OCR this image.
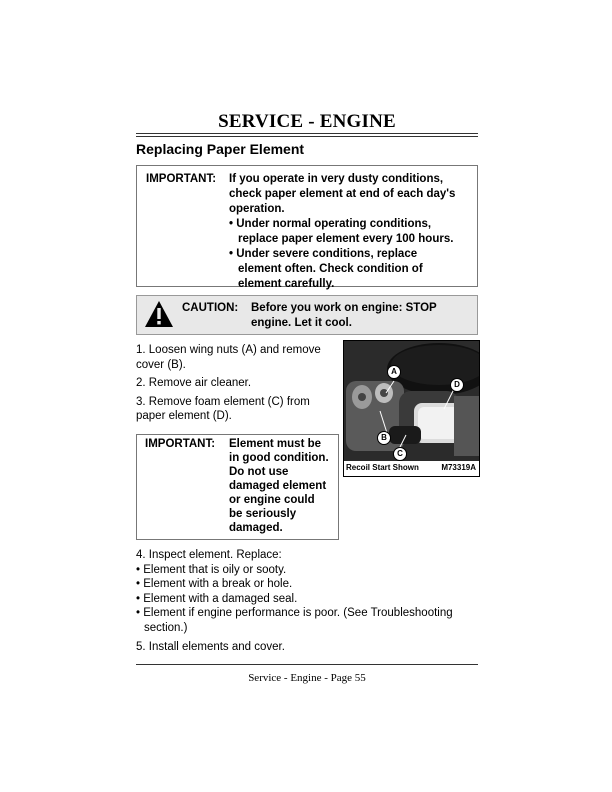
SERVICE - ENGINE
Replacing Paper Element
IMPORTANT: If you operate in very dusty conditions,
check paper element at end of each day's
operation.
• Under normal operating conditions,
replace paper element every 100 hours.
• Under severe conditions, replace
element often. Check condition of
element carefully.
CAUTION: Before you work on engine: STOP
engine. Let it cool.
1. Loosen wing nuts (A) and remove
cover (B).
2. Remove air cleaner.
3. Remove foam element (C) from
paper element (D).
A
D
B
C
Recoil Start Shown	M73319A
IMPORTANT: Element must be
in good condition.
Do not use
damaged element
or engine could
be seriously
damaged.
4. Inspect element. Replace:
• Element that is oily or sooty.
• Element with a break or hole.
• Element with a damaged seal.
• Element if engine performance is poor. (See Troubleshooting
section.)
5. Install elements and cover.
Service - Engine - Page 55
